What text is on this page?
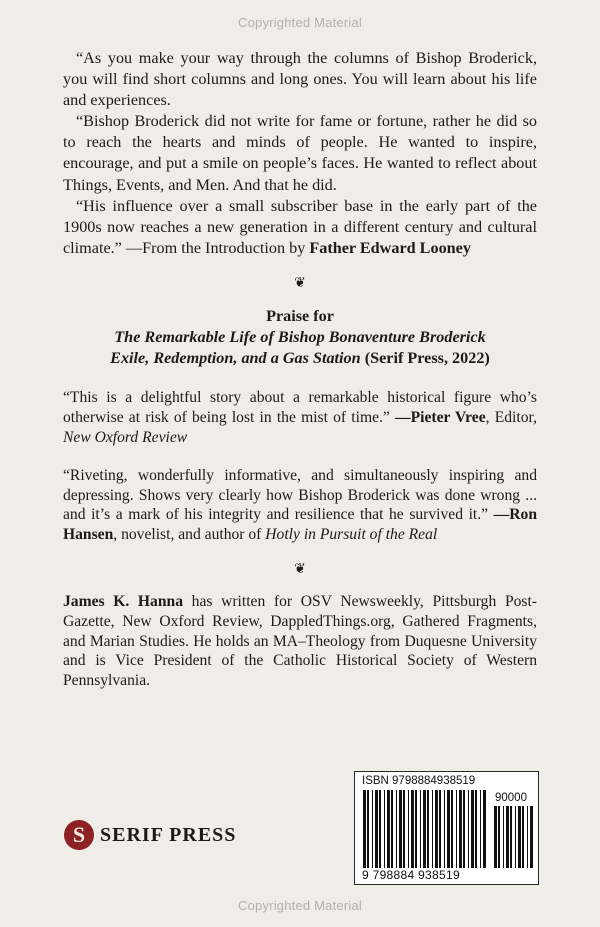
Copyrighted Material

“As you make your way through the columns of Bishop Broderick, you will find short columns and long ones. You will learn about his life and experiences.

“Bishop Broderick did not write for fame or fortune, rather he did so to reach the hearts and minds of people. He wanted to inspire, encourage, and put a smile on people’s faces. He wanted to reflect about Things, Events, and Men. And that he did.

“His influence over a small subscriber base in the early part of the 1900s now reaches a new generation in a different century and cultural climate.” —From the Introduction by Father Edward Looney

❦
Praise for
The Remarkable Life of Bishop Bonaventure Broderick
Exile, Redemption, and a Gas Station (Serif Press, 2022)

“This is a delightful story about a remarkable historical figure who’s otherwise at risk of being lost in the mist of time.” —Pieter Vree, Editor, New Oxford Review

“Riveting, wonderfully informative, and simultaneously inspiring and depressing. Shows very clearly how Bishop Broderick was done wrong ... and it’s a mark of his integrity and resilience that he survived it.” —Ron Hansen, novelist, and author of Hotly in Pursuit of the Real

❦

James K. Hanna has written for OSV Newsweekly, Pittsburgh Post-Gazette, New Oxford Review, DappledThings.org, Gathered Fragments, and Marian Studies. He holds an MA–Theology from Duquesne University and is Vice President of the Catholic Historical Society of Western Pennsylvania.

S SERIF PRESS
ISBN 9798884938519
90000
9 798884 938519
Copyrighted Material
